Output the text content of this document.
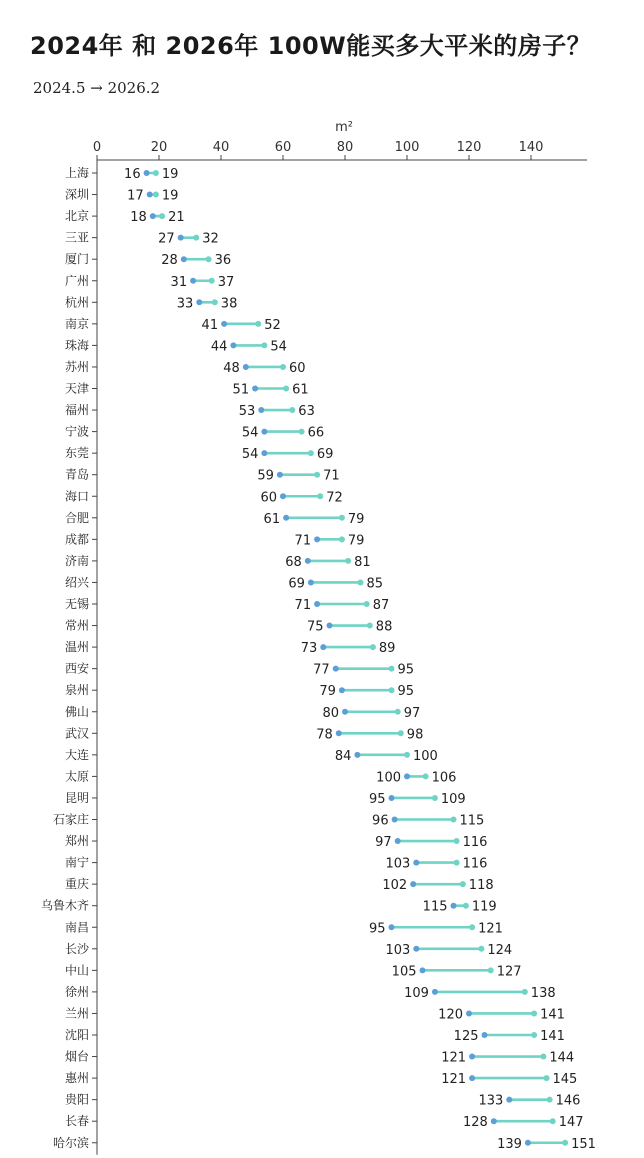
2024年 和 2026年 100W能买多大平米的房子？
2024.5 → 2026.2
m²
0	20	40	60	80	100	120	140
上海	16 19
深圳	17 19
北京	18 21
三亚	27 32
厦门	28	36
广州	31 37
杭州	33 38
南京	41	52
珠海	44	54
苏州	48	60
天津	51	61
福州	53	63
宁波	54	66
东莞	54	69
青岛	59	71
海口	60	72
合肥	61	79
成都	71	79
济南	68	81
绍兴	69	85
无锡	71	87
常州	75	88
温州	73	89
西安	77	95
泉州	79	95
佛山	80	97
武汉	78	98
大连	84	100
太原	100 106
昆明	95	109
石家庄	96	115
郑州	97	116
南宁	103	116
重庆	102	118
乌鲁木齐	115 119
南昌	95	121
长沙	103	124
中山	105	127
徐州	109	138
兰州	120	141
沈阳	125	141
烟台	121	144
惠州	121	145
贵阳	133	146
长春	128	147
哈尔滨	139	151
